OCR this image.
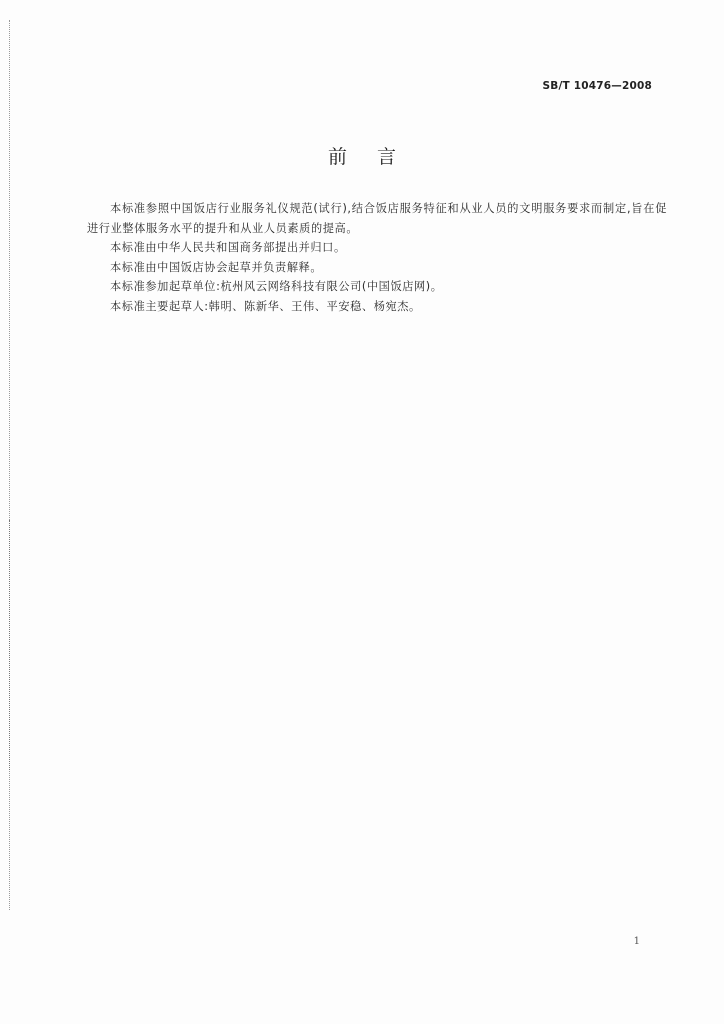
SB/T 10476—2008
前言

本标准参照中国饭店行业服务礼仪规范(试行),结合饭店服务特征和从业人员的文明服务要求而制定,旨在促进行业整体服务水平的提升和从业人员素质的提高。

本标准由中华人民共和国商务部提出并归口。

本标准由中国饭店协会起草并负责解释。

本标准参加起草单位:杭州风云网络科技有限公司(中国饭店网)。

本标准主要起草人:韩明、陈新华、王伟、平安稳、杨宛杰。

1
